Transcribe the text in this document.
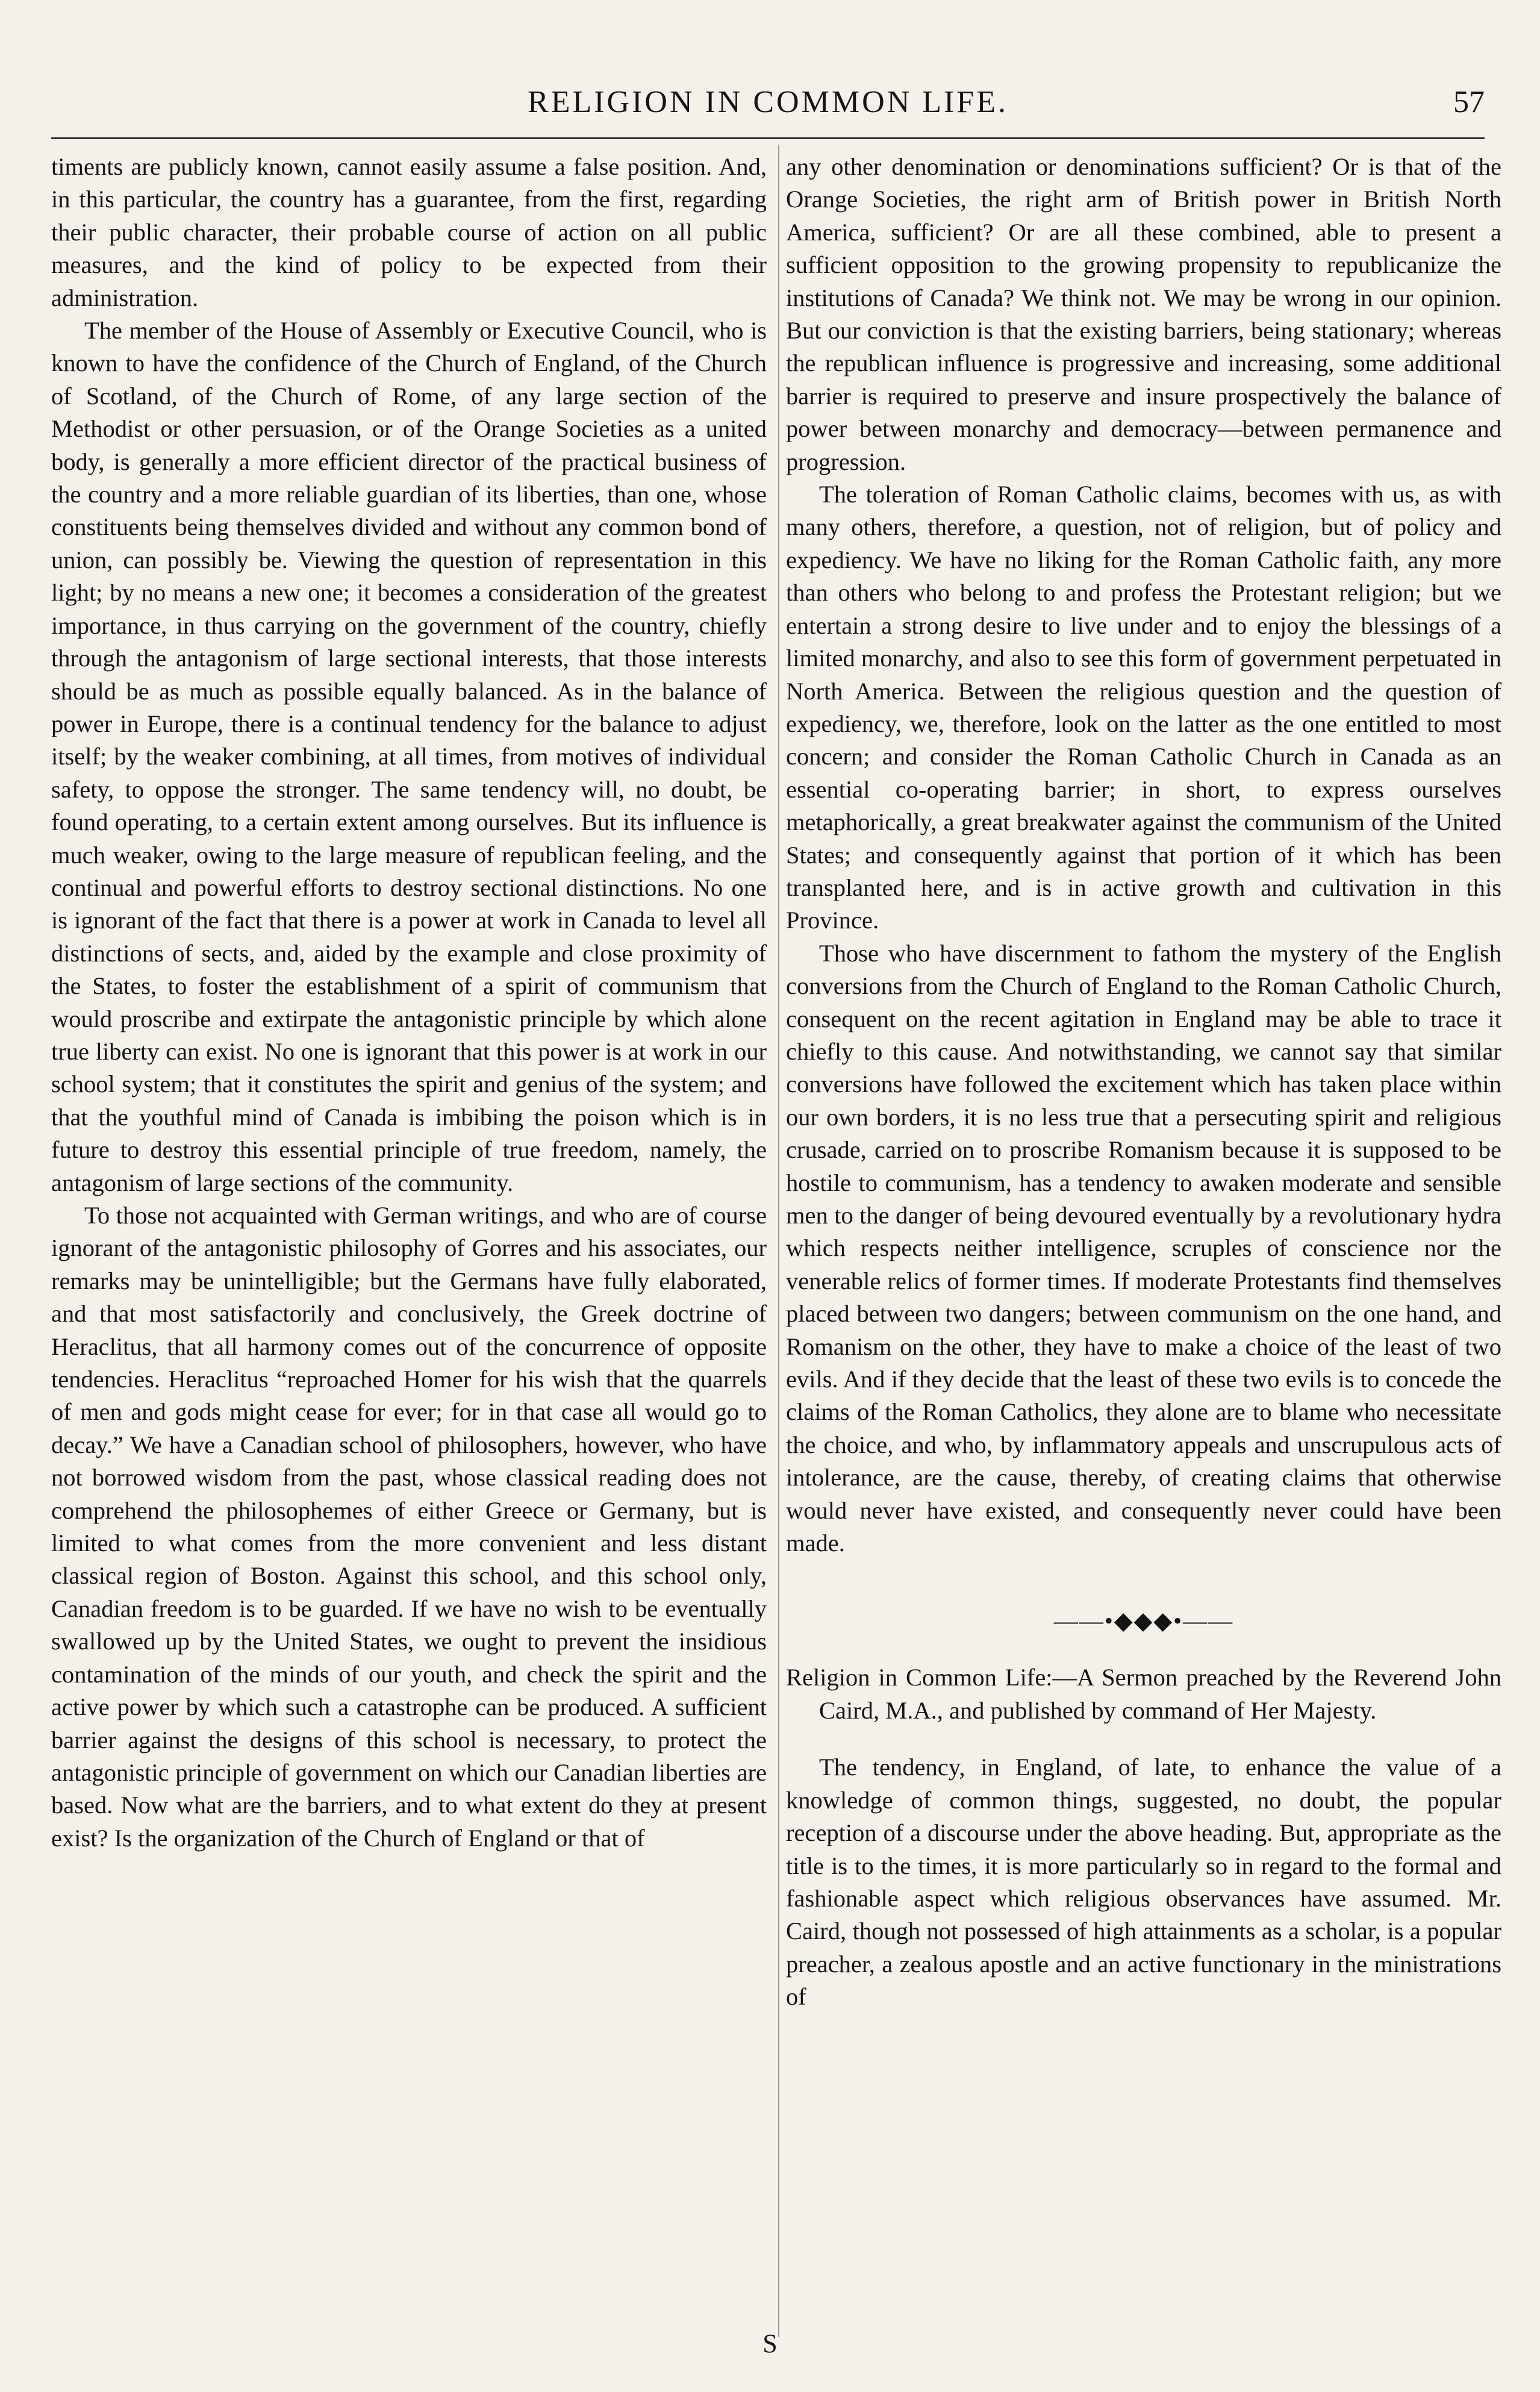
RELIGION IN COMMON LIFE.	57

timents are publicly known, cannot easily assume a false position. And, in this particular, the country has a guarantee, from the first, regarding their public character, their probable course of action on all public measures, and the kind of policy to be expected from their administration.

The member of the House of Assembly or Executive Council, who is known to have the confidence of the Church of England, of the Church of Scotland, of the Church of Rome, of any large section of the Methodist or other persuasion, or of the Orange Societies as a united body, is generally a more efficient director of the practical business of the country and a more reliable guardian of its liberties, than one, whose constituents being themselves divided and without any common bond of union, can possibly be. Viewing the question of representation in this light; by no means a new one; it becomes a consideration of the greatest importance, in thus carrying on the government of the country, chiefly through the antagonism of large sectional interests, that those interests should be as much as possible equally balanced. As in the balance of power in Europe, there is a continual tendency for the balance to adjust itself; by the weaker combining, at all times, from motives of individual safety, to oppose the stronger. The same tendency will, no doubt, be found operating, to a certain extent among ourselves. But its influence is much weaker, owing to the large measure of republican feeling, and the continual and powerful efforts to destroy sectional distinctions. No one is ignorant of the fact that there is a power at work in Canada to level all distinctions of sects, and, aided by the example and close proximity of the States, to foster the establishment of a spirit of communism that would proscribe and extirpate the antagonistic principle by which alone true liberty can exist. No one is ignorant that this power is at work in our school system; that it constitutes the spirit and genius of the system; and that the youthful mind of Canada is imbibing the poison which is in future to destroy this essential principle of true freedom, namely, the antagonism of large sections of the community.

To those not acquainted with German writings, and who are of course ignorant of the antagonistic philosophy of Gorres and his associates, our remarks may be unintelligible; but the Germans have fully elaborated, and that most satisfactorily and conclusively, the Greek doctrine of Heraclitus, that all harmony comes out of the concurrence of opposite tendencies. Heraclitus “reproached Homer for his wish that the quarrels of men and gods might cease for ever; for in that case all would go to decay.” We have a Canadian school of philosophers, however, who have not borrowed wisdom from the past, whose classical reading does not comprehend the philosophemes of either Greece or Germany, but is limited to what comes from the more convenient and less distant classical region of Boston. Against this school, and this school only, Canadian freedom is to be guarded. If we have no wish to be eventually swallowed up by the United States, we ought to prevent the insidious contamination of the minds of our youth, and check the spirit and the active power by which such a catastrophe can be produced. A sufficient barrier against the designs of this school is necessary, to protect the antagonistic principle of government on which our Canadian liberties are based. Now what are the barriers, and to what extent do they at present exist? Is the organization of the Church of England or that of

any other denomination or denominations sufficient? Or is that of the Orange Societies, the right arm of British power in British North America, sufficient? Or are all these combined, able to present a sufficient opposition to the growing propensity to republicanize the institutions of Canada? We think not. We may be wrong in our opinion. But our conviction is that the existing barriers, being stationary; whereas the republican influence is progressive and increasing, some additional barrier is required to preserve and insure prospectively the balance of power between monarchy and democracy—between permanence and progression.

The toleration of Roman Catholic claims, becomes with us, as with many others, therefore, a question, not of religion, but of policy and expediency. We have no liking for the Roman Catholic faith, any more than others who belong to and profess the Protestant religion; but we entertain a strong desire to live under and to enjoy the blessings of a limited monarchy, and also to see this form of government perpetuated in North America. Between the religious question and the question of expediency, we, therefore, look on the latter as the one entitled to most concern; and consider the Roman Catholic Church in Canada as an essential co-operating barrier; in short, to express ourselves metaphorically, a great breakwater against the communism of the United States; and consequently against that portion of it which has been transplanted here, and is in active growth and cultivation in this Province.

Those who have discernment to fathom the mystery of the English conversions from the Church of England to the Roman Catholic Church, consequent on the recent agitation in England may be able to trace it chiefly to this cause. And notwithstanding, we cannot say that similar conversions have followed the excitement which has taken place within our own borders, it is no less true that a persecuting spirit and religious crusade, carried on to proscribe Romanism because it is supposed to be hostile to communism, has a tendency to awaken moderate and sensible men to the danger of being devoured eventually by a revolutionary hydra which respects neither intelligence, scruples of conscience nor the venerable relics of former times. If moderate Protestants find themselves placed between two dangers; between communism on the one hand, and Romanism on the other, they have to make a choice of the least of two evils. And if they decide that the least of these two evils is to concede the claims of the Roman Catholics, they alone are to blame who necessitate the choice, and who, by inflammatory appeals and unscrupulous acts of intolerance, are the cause, thereby, of creating claims that otherwise would never have existed, and consequently never could have been made.

——•◆◆◆•——
Religion in Common Life:—A Sermon preached by the Reverend John Caird, M.A., and published by command of Her Majesty.

The tendency, in England, of late, to enhance the value of a knowledge of common things, suggested, no doubt, the popular reception of a discourse under the above heading. But, appropriate as the title is to the times, it is more particularly so in regard to the formal and fashionable aspect which religious observances have assumed. Mr. Caird, though not possessed of high attainments as a scholar, is a popular preacher, a zealous apostle and an active functionary in the ministrations of

S
